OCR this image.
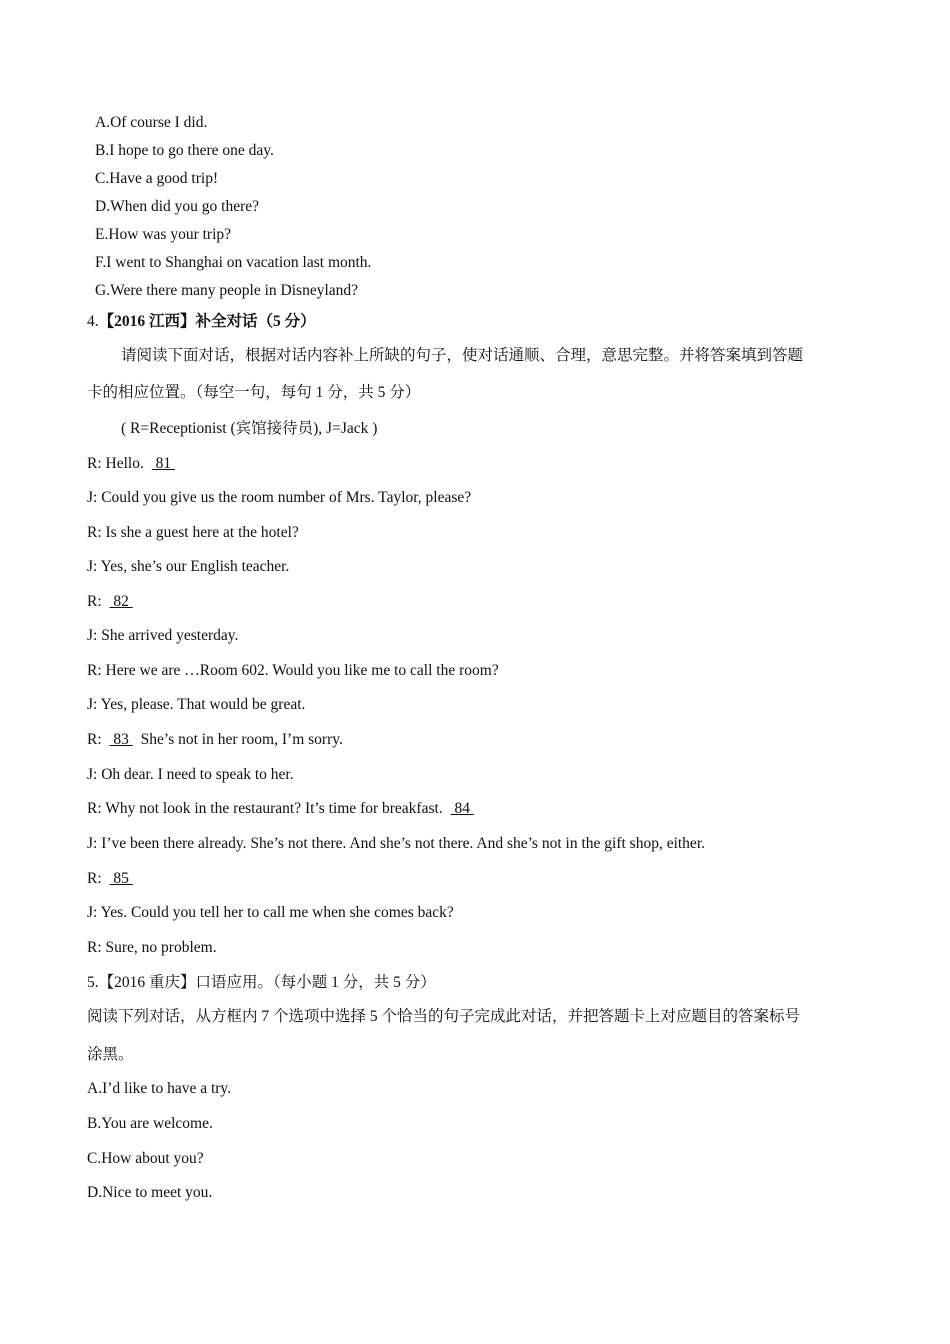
A.Of course I did.
B.I hope to go there one day.
C.Have a good trip!
D.When did you go there?
E.How was your trip?
F.I went to Shanghai on vacation last month.
G.Were there many people in Disneyland?
4.【2016 江西】补全对话（5 分）
请阅读下面对话，根据对话内容补上所缺的句子，使对话通顺、合理，意思完整。并将答案填到答题
卡的相应位置。（每空一句，每句 1 分，共 5 分）
( R=Receptionist (宾馆接待员), J=Jack )
R: Hello.  81
J: Could you give us the room number of Mrs. Taylor, please?
R: Is she a guest here at the hotel?
J: Yes, she’s our English teacher.
R:  82
J: She arrived yesterday.
R: Here we are …Room 602. Would you like me to call the room?
J: Yes, please. That would be great.
R:  83  She’s not in her room, I’m sorry.
J: Oh dear. I need to speak to her.
R: Why not look in the restaurant? It’s time for breakfast.  84
J: I’ve been there already. She’s not there. And she’s not there. And she’s not in the gift shop, either.
R:  85
J: Yes. Could you tell her to call me when she comes back?
R: Sure, no problem.
5.【2016 重庆】口语应用。（每小题 1 分，共 5 分）
阅读下列对话，从方框内 7 个选项中选择 5 个恰当的句子完成此对话，并把答题卡上对应题目的答案标号
涂黑。
A.I’d like to have a try.
B.You are welcome.
C.How about you?
D.Nice to meet you.
